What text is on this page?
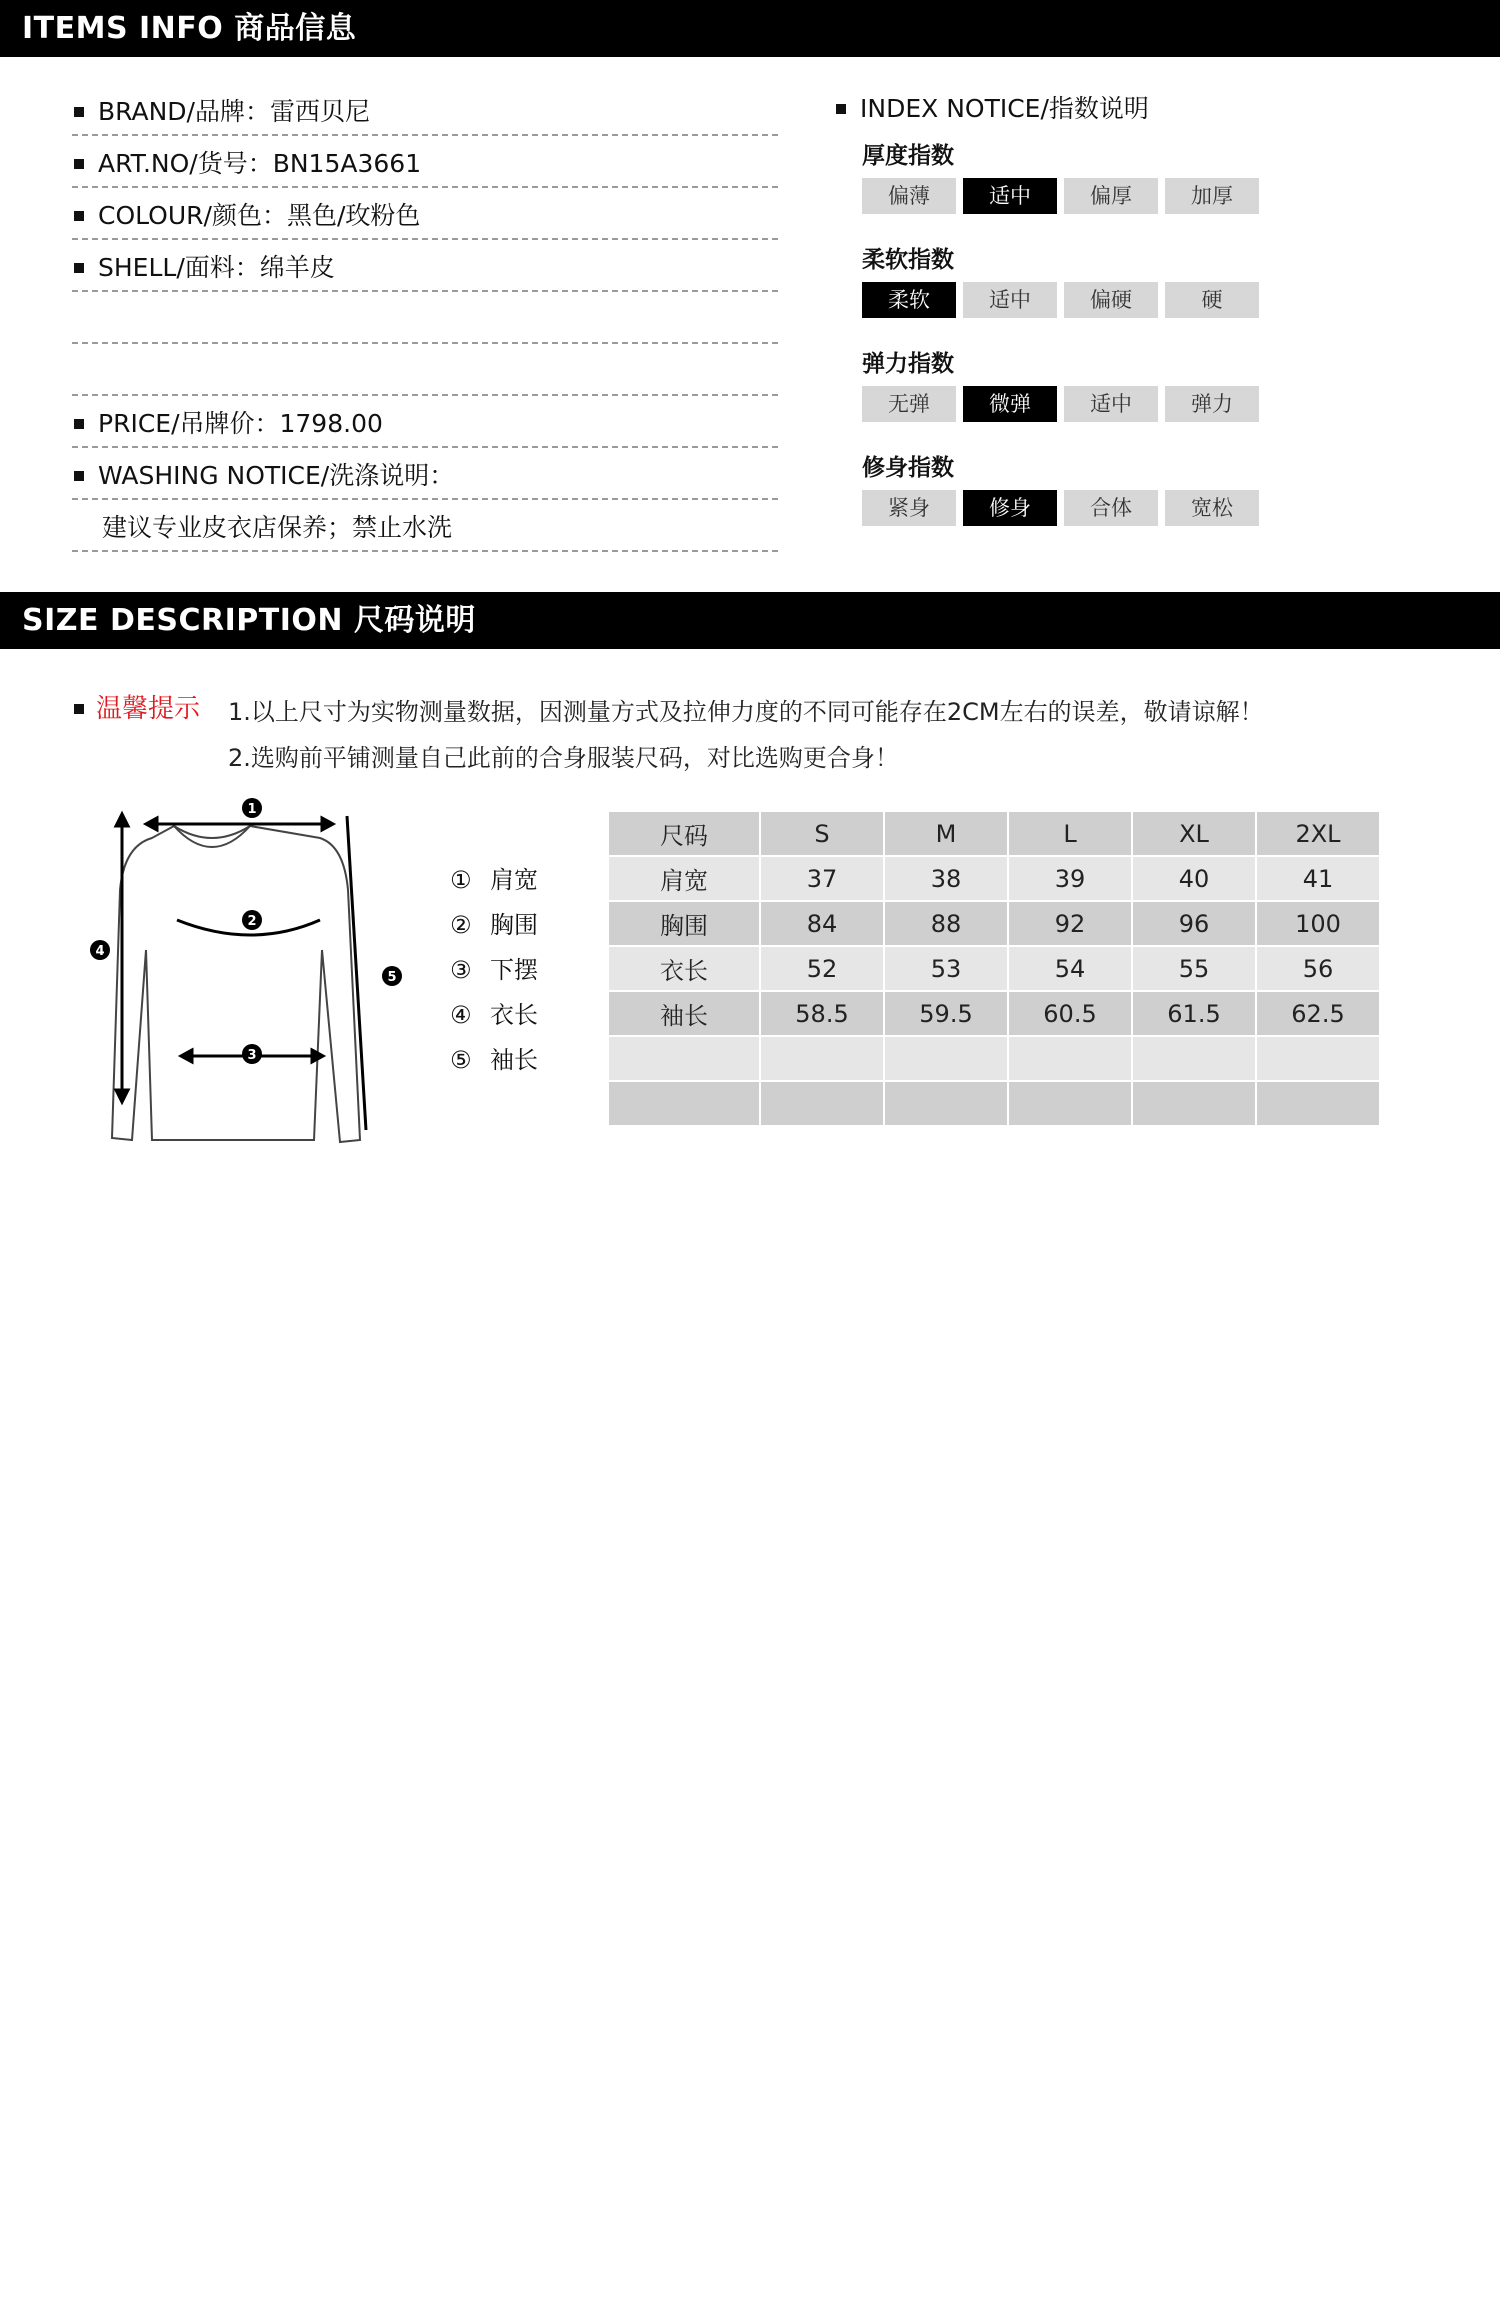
ITEMS INFO 商品信息
BRAND/品牌：雷西贝尼
ART.NO/货号：BN15A3661
COLOUR/颜色：黑色/玫粉色
SHELL/面料：绵羊皮
PRICE/吊牌价：1798.00
WASHING NOTICE/洗涤说明：
建议专业皮衣店保养；禁止水洗
INDEX NOTICE/指数说明
厚度指数
偏薄	适中	偏厚	加厚
柔软指数
柔软	适中	偏硬	硬
弹力指数
无弹	微弹	适中	弹力
修身指数
紧身	修身	合体	宽松
SIZE DESCRIPTION 尺码说明
温馨提示 1.以上尺寸为实物测量数据，因测量方式及拉伸力度的不同可能存在2CM左右的误差，敬请谅解！
2.选购前平铺测量自己此前的合身服装尺码，对比选购更合身！
1
2
3
4
5
① 肩宽
② 胸围
③ 下摆
④ 衣长
⑤ 袖长
尺码	S	M	L	XL	2XL
肩宽	37	38	39	40	41
胸围	84	88	92	96	100
衣长	52	53	54	55	56
袖长	58.5	59.5	60.5	61.5	62.5
